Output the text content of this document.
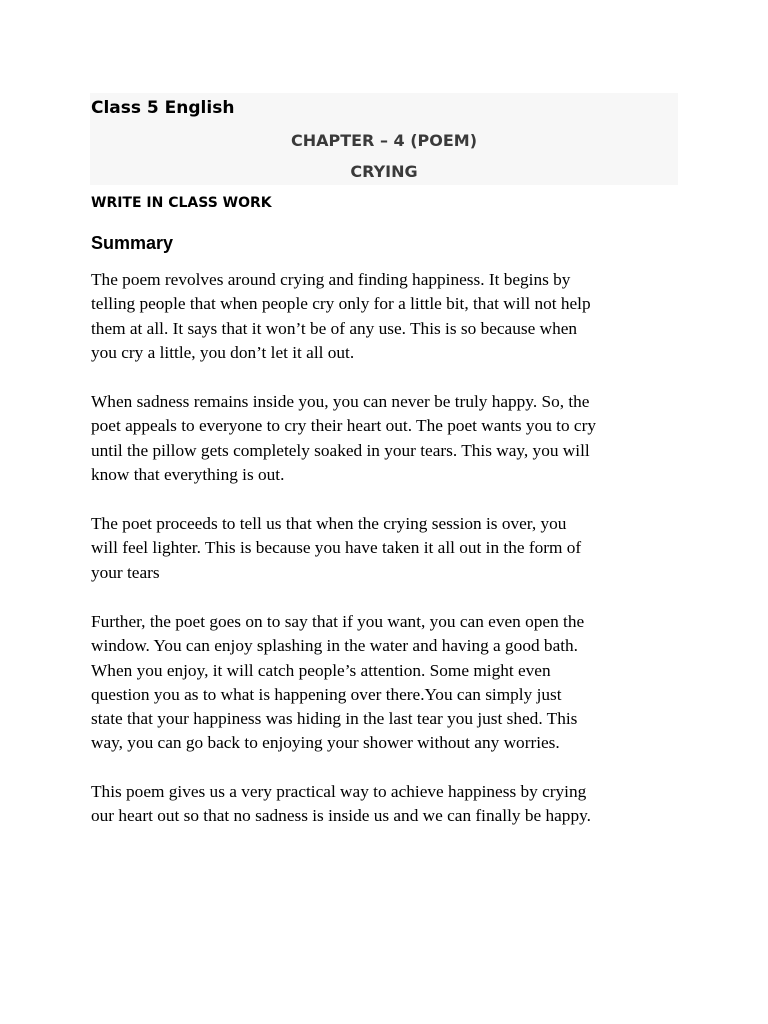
Class 5 English
CHAPTER – 4 (POEM)
CRYING
WRITE IN CLASS WORK
Summary
The poem revolves around crying and finding happiness. It begins by
telling people that when people cry only for a little bit, that will not help
them at all. It says that it won’t be of any use. This is so because when
you cry a little, you don’t let it all out.
When sadness remains inside you, you can never be truly happy. So, the
poet appeals to everyone to cry their heart out. The poet wants you to cry
until the pillow gets completely soaked in your tears. This way, you will
know that everything is out.
The poet proceeds to tell us that when the crying session is over, you
will feel lighter. This is because you have taken it all out in the form of
your tears
Further, the poet goes on to say that if you want, you can even open the
window. You can enjoy splashing in the water and having a good bath.
When you enjoy, it will catch people’s attention. Some might even
question you as to what is happening over there.You can simply just
state that your happiness was hiding in the last tear you just shed. This
way, you can go back to enjoying your shower without any worries.
This poem gives us a very practical way to achieve happiness by crying
our heart out so that no sadness is inside us and we can finally be happy.
